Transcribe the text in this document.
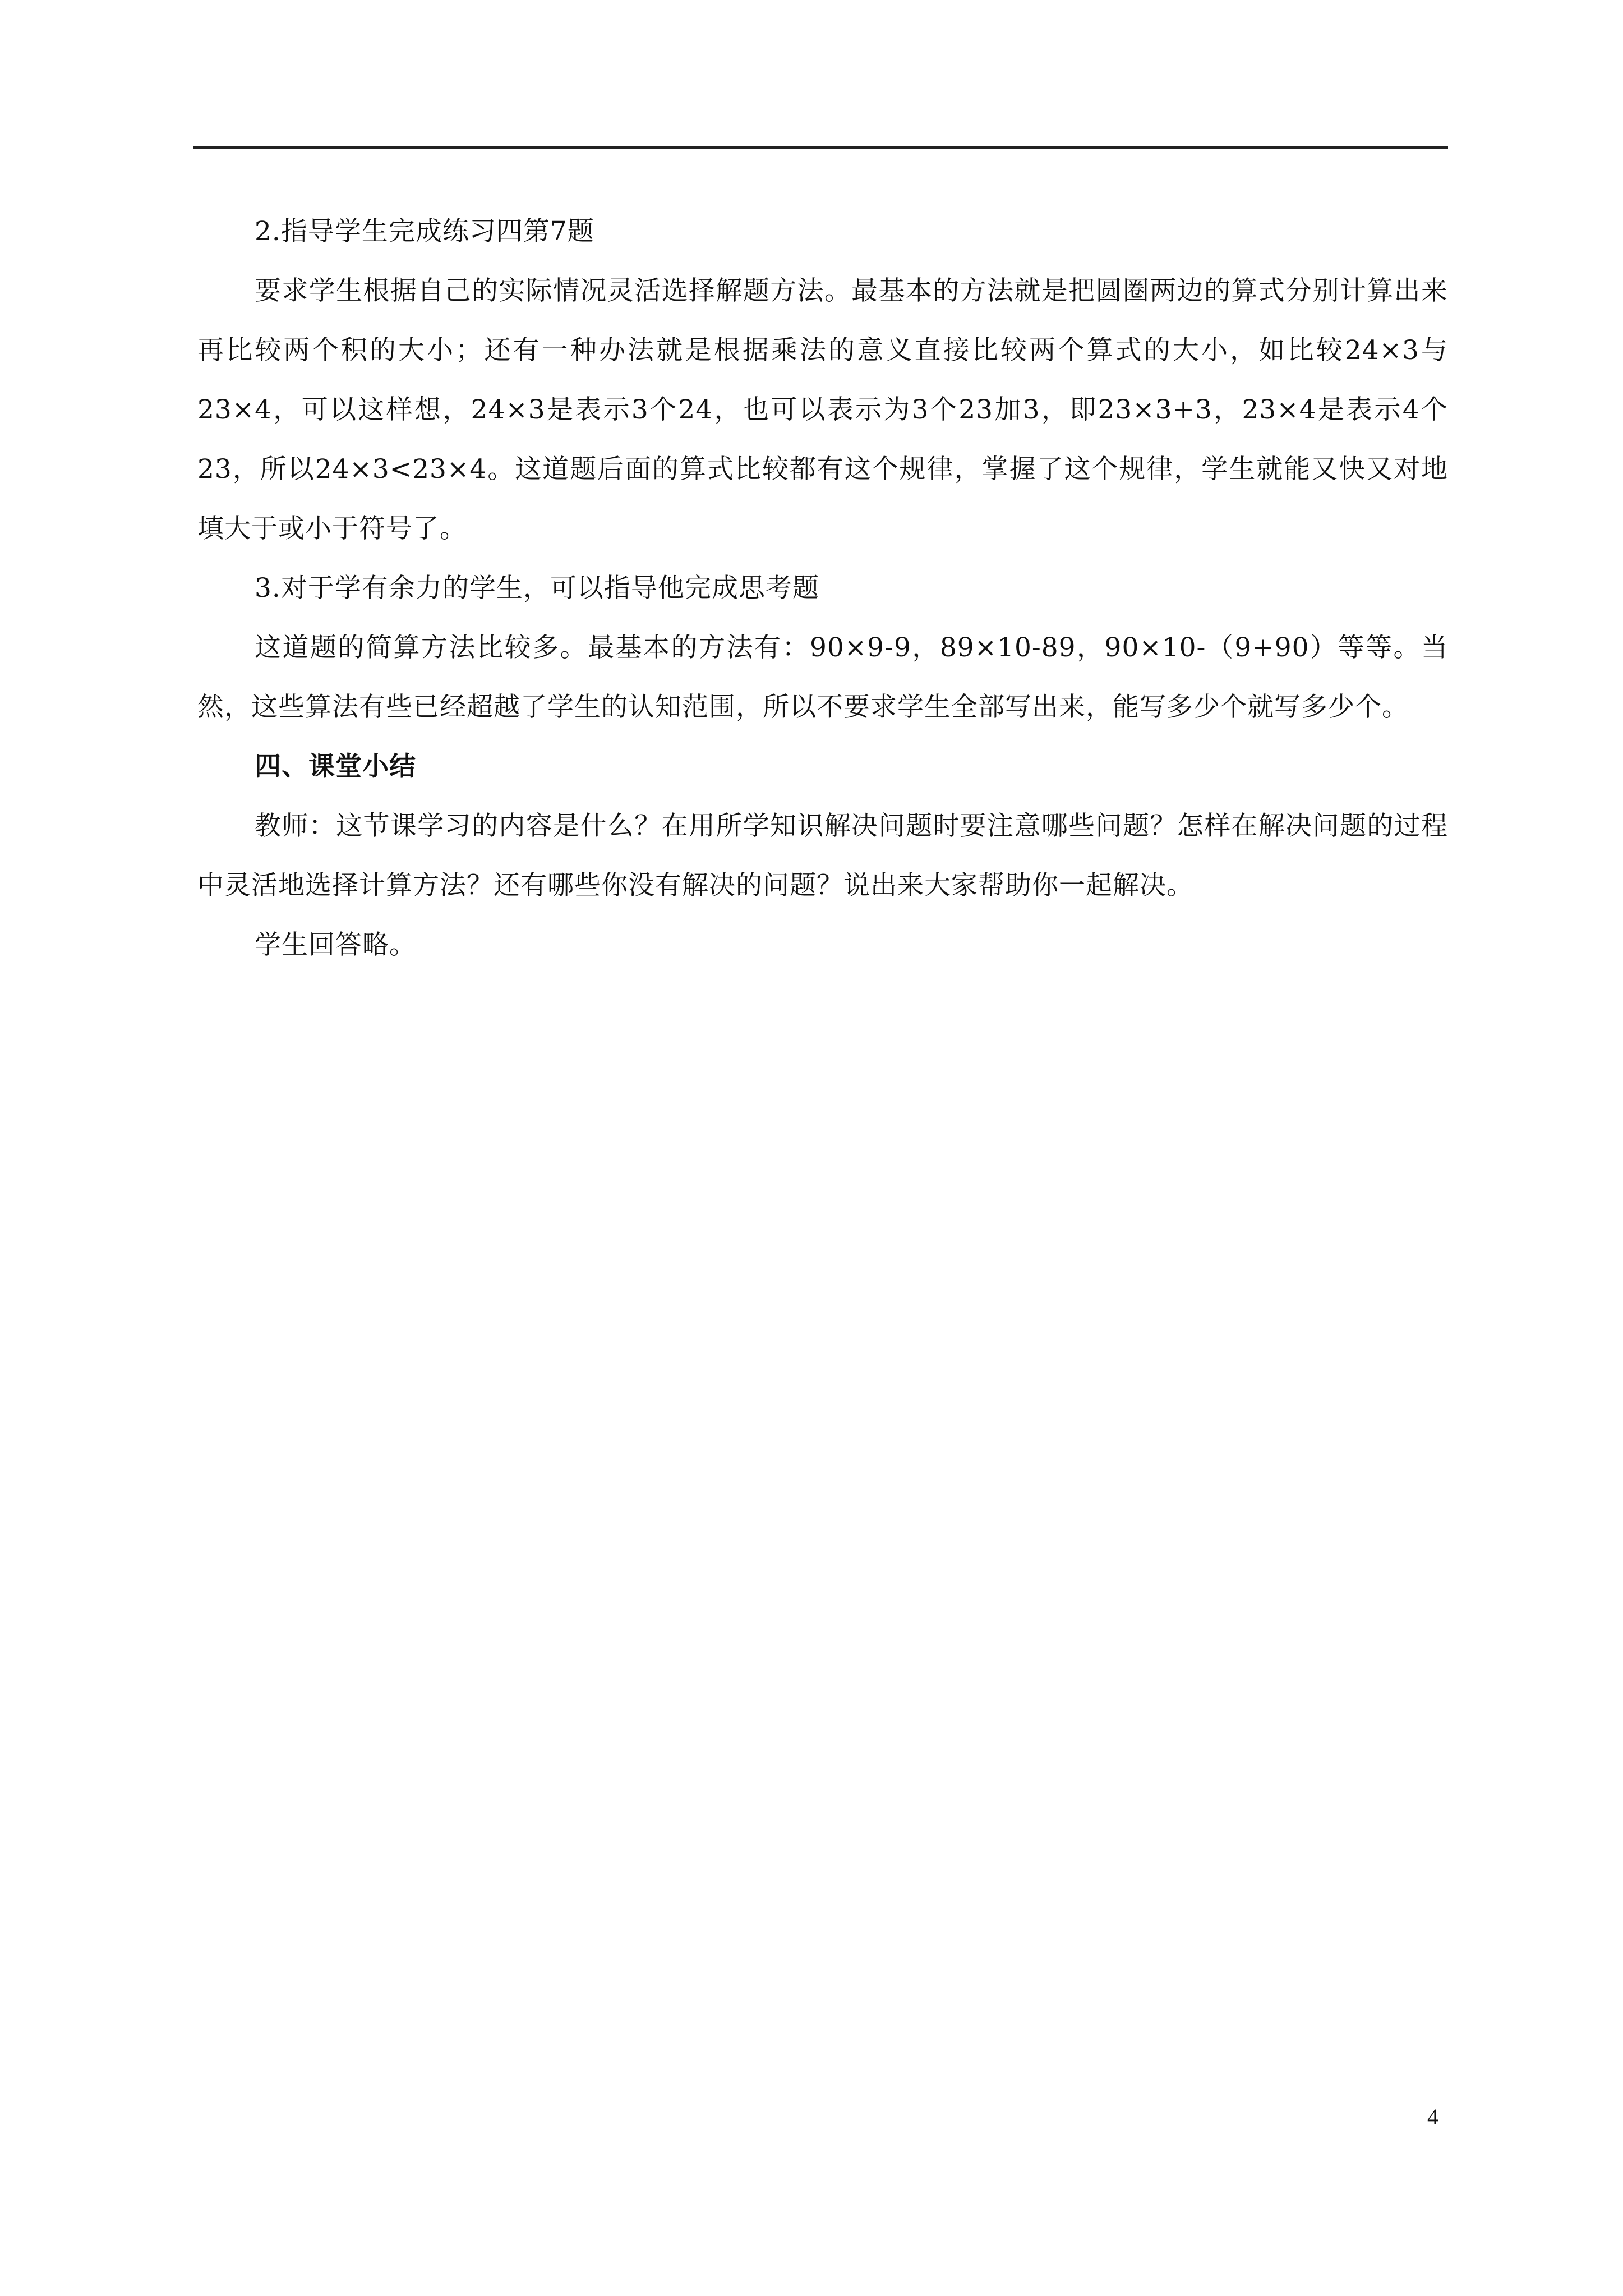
2.指导学生完成练习四第7题

要求学生根据自己的实际情况灵活选择解题方法。最基本的方法就是把圆圈两边的算式分别计算出来再比较两个积的大小；还有一种办法就是根据乘法的意义直接比较两个算式的大小，如比较24×3与23×4，可以这样想，24×3是表示3个24，也可以表示为3个23加3，即23×3+3，23×4是表示4个23，所以24×3<23×4。这道题后面的算式比较都有这个规律，掌握了这个规律，学生就能又快又对地填大于或小于符号了。

3.对于学有余力的学生，可以指导他完成思考题

这道题的简算方法比较多。最基本的方法有：90×9-9，89×10-89，90×10-（9+90）等等。当然，这些算法有些已经超越了学生的认知范围，所以不要求学生全部写出来，能写多少个就写多少个。

四、课堂小结

教师：这节课学习的内容是什么？在用所学知识解决问题时要注意哪些问题？怎样在解决问题的过程中灵活地选择计算方法？还有哪些你没有解决的问题？说出来大家帮助你一起解决。

学生回答略。

4
